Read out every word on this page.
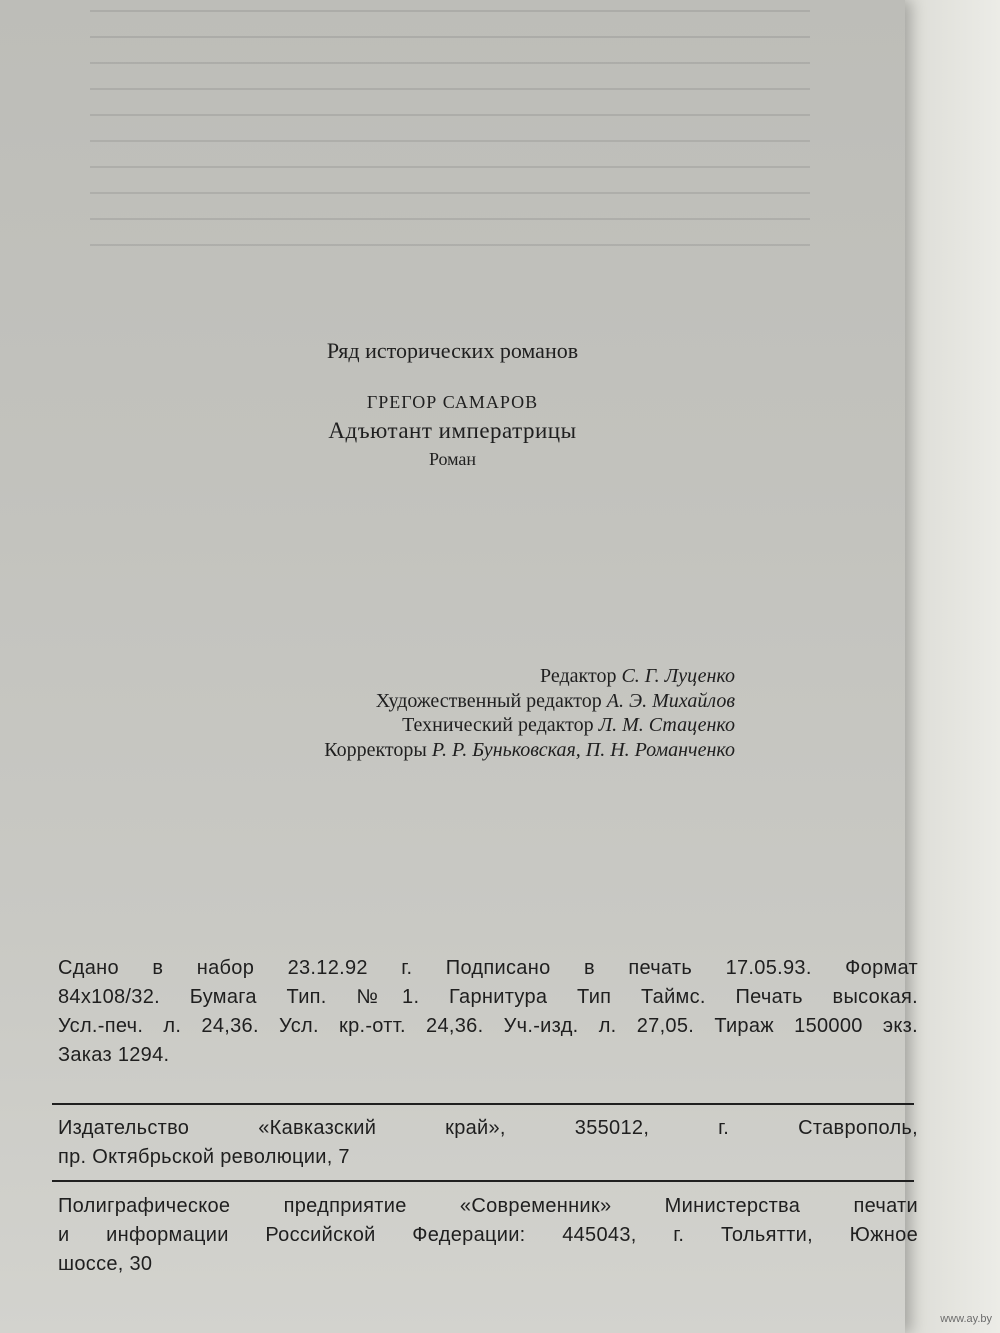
Ряд исторических романов
ГРЕГОР САМАРОВ
Адъютант императрицы
Роман
Редактор С. Г. Луценко
Художественный редактор А. Э. Михайлов
Технический редактор Л. М. Стаценко
Корректоры Р. Р. Буньковская, П. Н. Романченко
Сдано в набор 23.12.92 г. Подписано в печать 17.05.93. Формат
84х108/32. Бумага Тип. №1. Гарнитура Тип Таймс. Печать высокая.
Усл.-печ. л. 24,36. Усл. кр.-отт. 24,36. Уч.-изд. л. 27,05. Тираж 150000 экз.
Заказ 1294.
Издательство «Кавказский край», 355012, г. Ставрополь,
пр. Октябрьской революции, 7
Полиграфическое предприятие «Современник» Министерства печати
и информации Российской Федерации: 445043, г. Тольятти, Южное
шоссе, 30
www.ay.by
